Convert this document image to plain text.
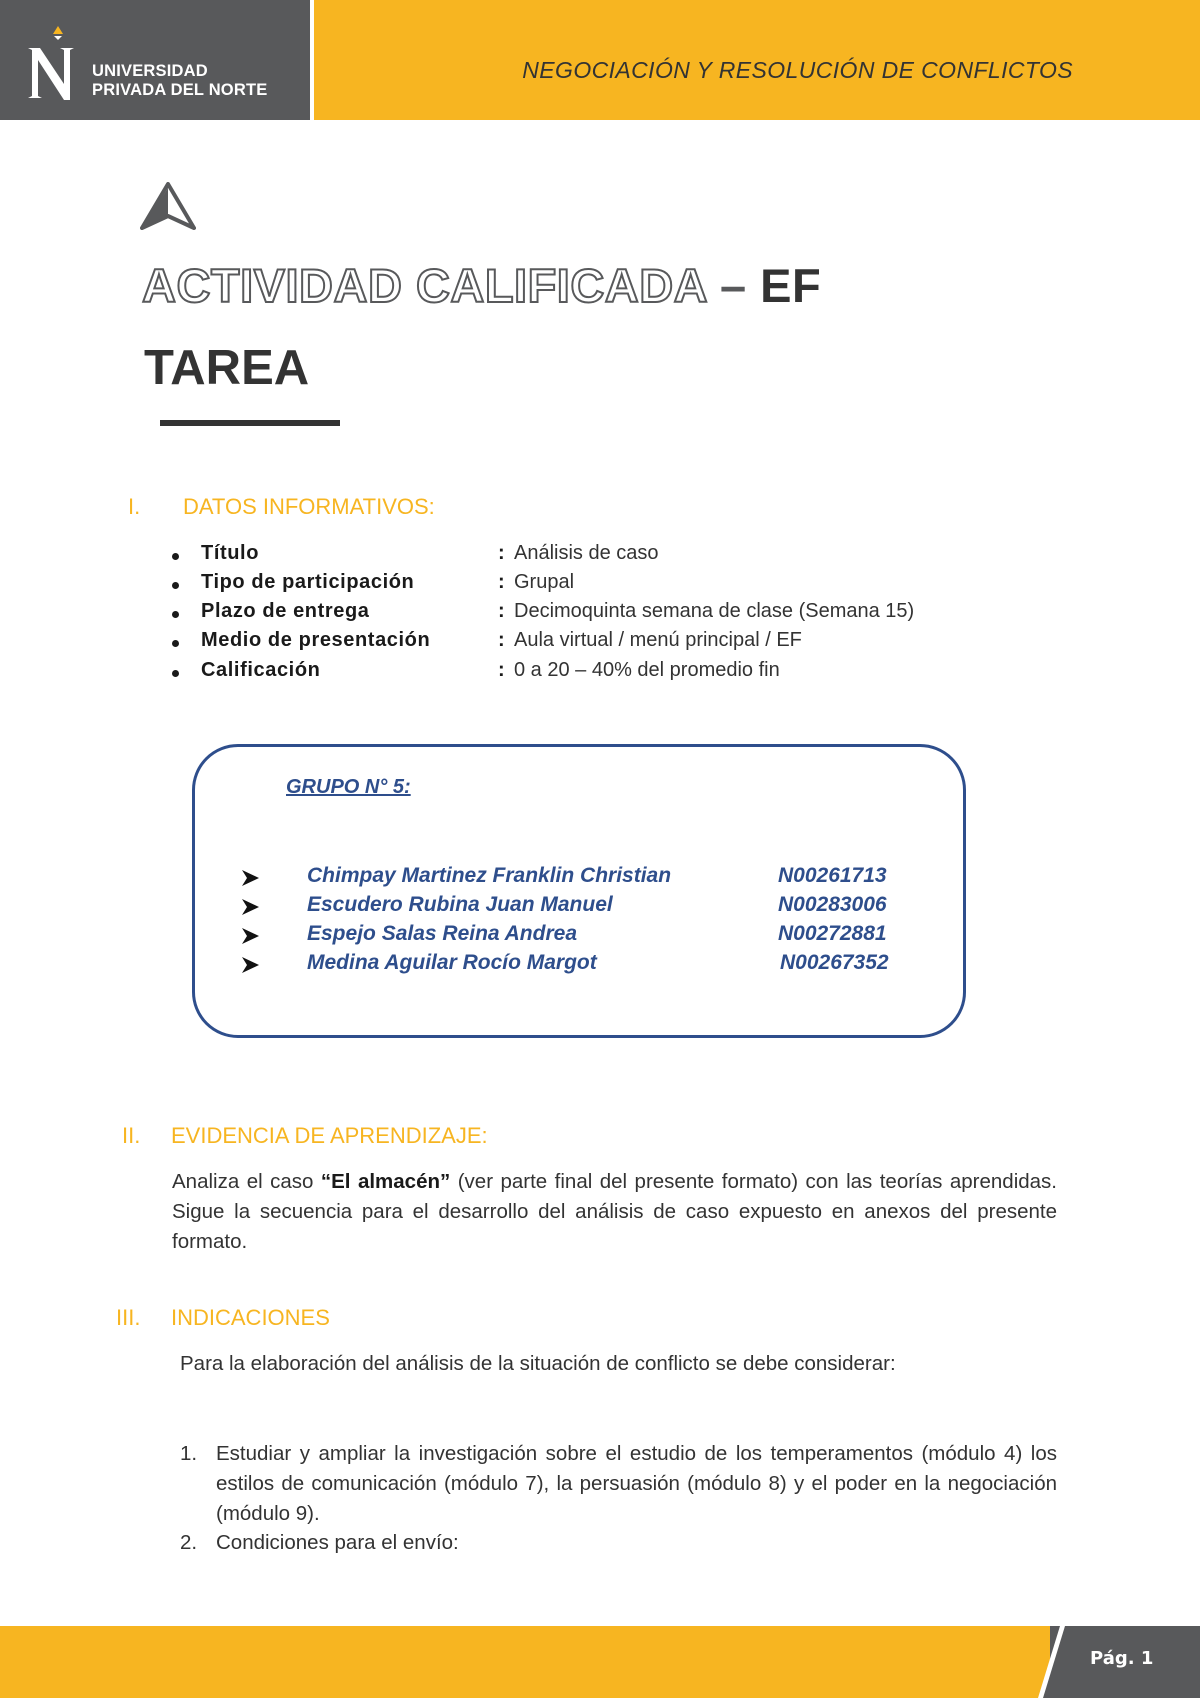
UNIVERSIDAD
PRIVADA DEL NORTE
NEGOCIACIÓN Y RESOLUCIÓN DE CONFLICTOS
ACTIVIDAD CALIFICADA – EF
TAREA
I. DATOS INFORMATIVOS:
Título	: Análisis de caso
Tipo de participación	: Grupal
Plazo de entrega	: Decimoquinta semana de clase (Semana 15)
Medio de presentación	: Aula virtual / menú principal / EF
Calificación	: 0 a 20 – 40% del promedio fin
GRUPO N° 5:
Chimpay Martinez Franklin Christian	N00261713
Escudero Rubina Juan Manuel	N00283006
Espejo Salas Reina Andrea	N00272881
Medina Aguilar Rocío Margot	N00267352
II. EVIDENCIA DE APRENDIZAJE:
Analiza el caso “El almacén” (ver parte final del presente formato) con las teorías aprendidas. Sigue la secuencia para el desarrollo del análisis de caso expuesto en anexos del presente formato.
III. INDICACIONES
Para la elaboración del análisis de la situación de conflicto se debe considerar:
1. Estudiar y ampliar la investigación sobre el estudio de los temperamentos (módulo 4) los estilos de comunicación (módulo 7), la persuasión (módulo 8) y el poder en la negociación (módulo 9).
2. Condiciones para el envío:
Pág. 1
